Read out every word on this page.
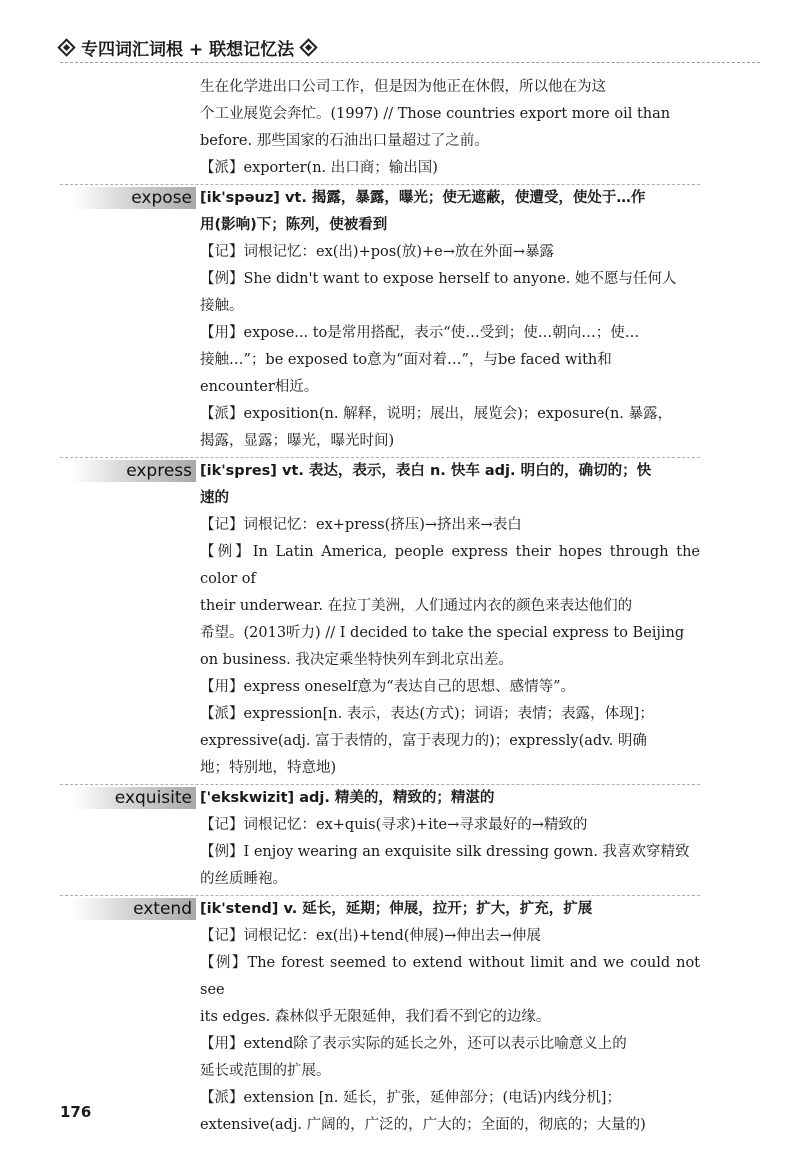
专四词汇词根 + 联想记忆法
生在化学进出口公司工作，但是因为他正在休假，所以他在为这
个工业展览会奔忙。(1997) // Those countries export more oil than
before. 那些国家的石油出口量超过了之前。
【派】exporter(n. 出口商；输出国)
expose [ik'spəuz] vt. 揭露，暴露，曝光；使无遮蔽，使遭受，使处于…作
用(影响)下；陈列，使被看到
【记】词根记忆：ex(出)+pos(放)+e→放在外面→暴露
【例】She didn't want to expose herself to anyone. 她不愿与任何人
接触。
【用】expose... to是常用搭配，表示“使…受到；使…朝向…；使…
接触…”；be exposed to意为“面对着…”，与be faced with和
encounter相近。
【派】exposition(n. 解释，说明；展出，展览会)；exposure(n. 暴露，
揭露，显露；曝光，曝光时间)
express [ik'spres] vt. 表达，表示，表白 n. 快车 adj. 明白的，确切的；快
速的
【记】词根记忆：ex+press(挤压)→挤出来→表白
【例】In Latin America, people express their hopes through the color of
their underwear. 在拉丁美洲，人们通过内衣的颜色来表达他们的
希望。(2013听力) // I decided to take the special express to Beijing
on business. 我决定乘坐特快列车到北京出差。
【用】express oneself意为“表达自己的思想、感情等”。
【派】expression[n. 表示，表达(方式)；词语；表情；表露，体现]；
expressive(adj. 富于表情的，富于表现力的)；expressly(adv. 明确
地；特别地，特意地)
exquisite ['ekskwizit] adj. 精美的，精致的；精湛的
【记】词根记忆：ex+quis(寻求)+ite→寻求最好的→精致的
【例】I enjoy wearing an exquisite silk dressing gown. 我喜欢穿精致
的丝质睡袍。
extend [ik'stend] v. 延长，延期；伸展，拉开；扩大，扩充，扩展
【记】词根记忆：ex(出)+tend(伸展)→伸出去→伸展
【例】The forest seemed to extend without limit and we could not see
its edges. 森林似乎无限延伸，我们看不到它的边缘。
【用】extend除了表示实际的延长之外，还可以表示比喻意义上的
延长或范围的扩展。
【派】extension [n. 延长，扩张，延伸部分；(电话)内线分机]；
extensive(adj. 广阔的，广泛的，广大的；全面的，彻底的；大量的)
176
